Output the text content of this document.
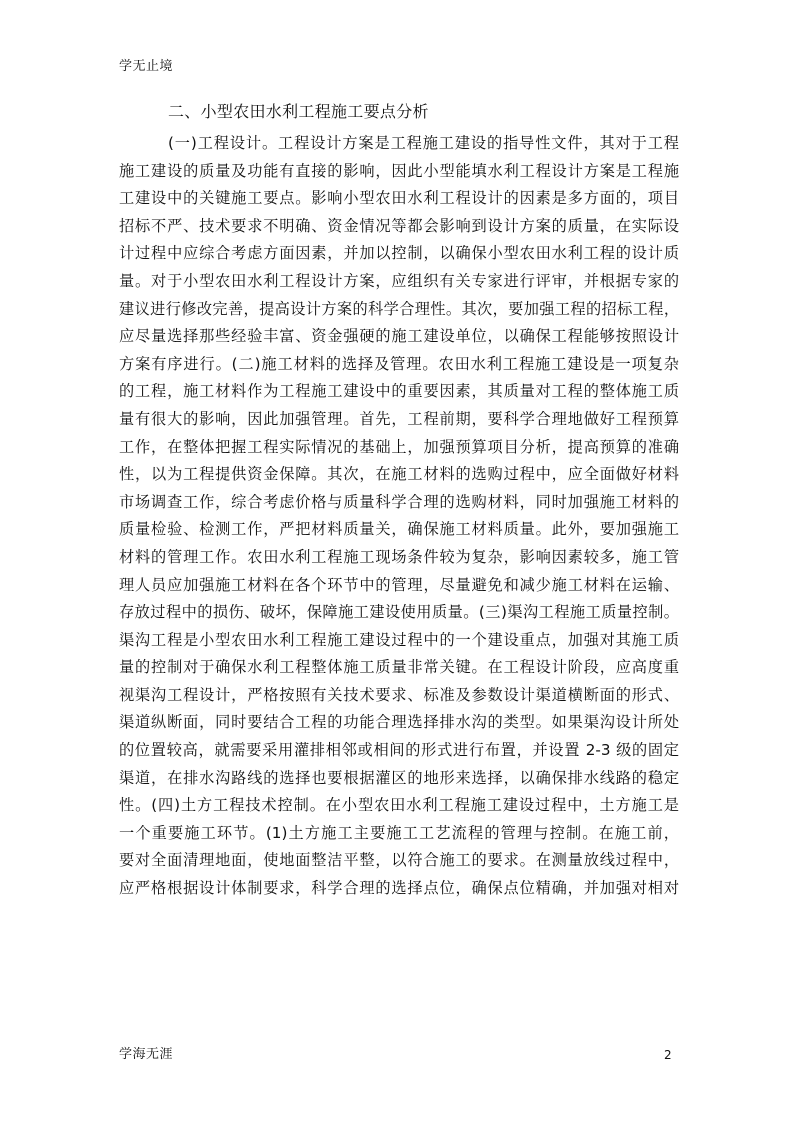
学无止境
二、小型农田水利工程施工要点分析
(一)工程设计。工程设计方案是工程施工建设的指导性文件，其对于工程
施工建设的质量及功能有直接的影响，因此小型能填水利工程设计方案是工程施
工建设中的关键施工要点。影响小型农田水利工程设计的因素是多方面的，项目
招标不严、技术要求不明确、资金情况等都会影响到设计方案的质量，在实际设
计过程中应综合考虑方面因素，并加以控制，以确保小型农田水利工程的设计质
量。对于小型农田水利工程设计方案，应组织有关专家进行评审，并根据专家的
建议进行修改完善，提高设计方案的科学合理性。其次，要加强工程的招标工程，
应尽量选择那些经验丰富、资金强硬的施工建设单位，以确保工程能够按照设计
方案有序进行。(二)施工材料的选择及管理。农田水利工程施工建设是一项复杂
的工程，施工材料作为工程施工建设中的重要因素，其质量对工程的整体施工质
量有很大的影响，因此加强管理。首先，工程前期，要科学合理地做好工程预算
工作，在整体把握工程实际情况的基础上，加强预算项目分析，提高预算的准确
性，以为工程提供资金保障。其次，在施工材料的选购过程中，应全面做好材料
市场调查工作，综合考虑价格与质量科学合理的选购材料，同时加强施工材料的
质量检验、检测工作，严把材料质量关，确保施工材料质量。此外，要加强施工
材料的管理工作。农田水利工程施工现场条件较为复杂，影响因素较多，施工管
理人员应加强施工材料在各个环节中的管理，尽量避免和减少施工材料在运输、
存放过程中的损伤、破坏，保障施工建设使用质量。(三)渠沟工程施工质量控制。
渠沟工程是小型农田水利工程施工建设过程中的一个建设重点，加强对其施工质
量的控制对于确保水利工程整体施工质量非常关键。在工程设计阶段，应高度重
视渠沟工程设计，严格按照有关技术要求、标准及参数设计渠道横断面的形式、
渠道纵断面，同时要结合工程的功能合理选择排水沟的类型。如果渠沟设计所处
的位置较高，就需要采用灌排相邻或相间的形式进行布置，并设置 2-3 级的固定
渠道，在排水沟路线的选择也要根据灌区的地形来选择，以确保排水线路的稳定
性。(四)土方工程技术控制。在小型农田水利工程施工建设过程中，土方施工是
一个重要施工环节。(1)土方施工主要施工工艺流程的管理与控制。在施工前，
要对全面清理地面，使地面整洁平整，以符合施工的要求。在测量放线过程中，
应严格根据设计体制要求，科学合理的选择点位，确保点位精确，并加强对相对
学海无涯	2
